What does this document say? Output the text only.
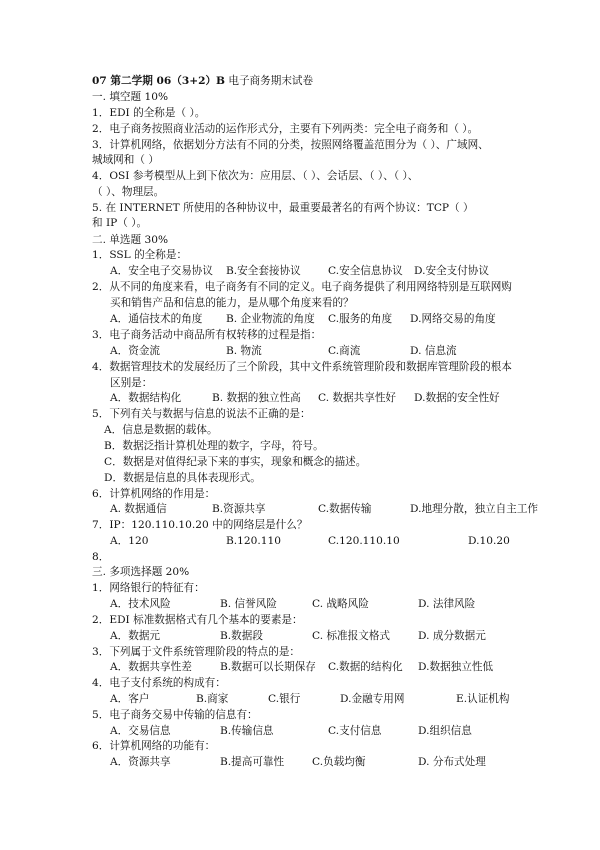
07 第二学期 06（3+2）B 电子商务期末试卷
一. 填空题 10%
1．EDI 的全称是（ ）。
2．电子商务按照商业活动的运作形式分，主要有下列两类：完全电子商务和（ ）。
3．计算机网络，依据划分方法有不同的分类，按照网络覆盖范围分为（ ）、广域网、
城域网和（ ）
4．OSI 参考模型从上到下依次为：应用层、（ ）、会话层、（ ）、（ ）、
（ ）、物理层。
5. 在 INTERNET 所使用的各种协议中，最重要最著名的有两个协议：TCP（ ）
和 IP（ ）。
二. 单选题 30%
1．SSL 的全称是：
A．安全电子交易协议 B.安全套接协议	C.安全信息协议 D.安全支付协议
2．从不同的角度来看，电子商务有不同的定义。电子商务提供了利用网络特别是互联网购
买和销售产品和信息的能力，是从哪个角度来看的？
A．通信技术的角度 B. 企业物流的角度 C.服务的角度 D.网络交易的角度
3．电子商务活动中商品所有权转移的过程是指：
A．资金流	B. 物流	C.商流	D. 信息流
4．数据管理技术的发展经历了三个阶段，其中文件系统管理阶段和数据库管理阶段的根本
区别是：
A．数据结构化	B. 数据的独立性高 C. 数据共享性好 D.数据的安全性好
5．下列有关与数据与信息的说法不正确的是：
A．信息是数据的载体。
B．数据泛指计算机处理的数字，字母，符号。
C．数据是对值得纪录下来的事实，现象和概念的描述。
D．数据是信息的具体表现形式。
6．计算机网络的作用是：
A. 数据通信	B.资源共享	C.数据传输	D.地理分散，独立自主工作
7．IP：120.110.10.20 中的网络层是什么？
A．120	B.120.110	C.120.110.10	D.10.20
8．
三. 多项选择题 20%
1．网络银行的特征有：
A．技术风险	B. 信誉风险	C. 战略风险	D. 法律风险
2．EDI 标准数据格式有几个基本的要素是：
A．数据元	B.数据段	C. 标准报文格式	D. 成分数据元
3．下列属于文件系统管理阶段的特点的是：
A．数据共享性差	B.数据可以长期保存 C.数据的结构化 D.数据独立性低
4．电子支付系统的构成有：
A．客户	B.商家	C.银行	D.金融专用网	E.认证机构
5．电子商务交易中传输的信息有：
A．交易信息	B.传输信息	C.支付信息	D.组织信息
6．计算机网络的功能有：
A．资源共享	B.提高可靠性	C.负载均衡	D. 分布式处理
